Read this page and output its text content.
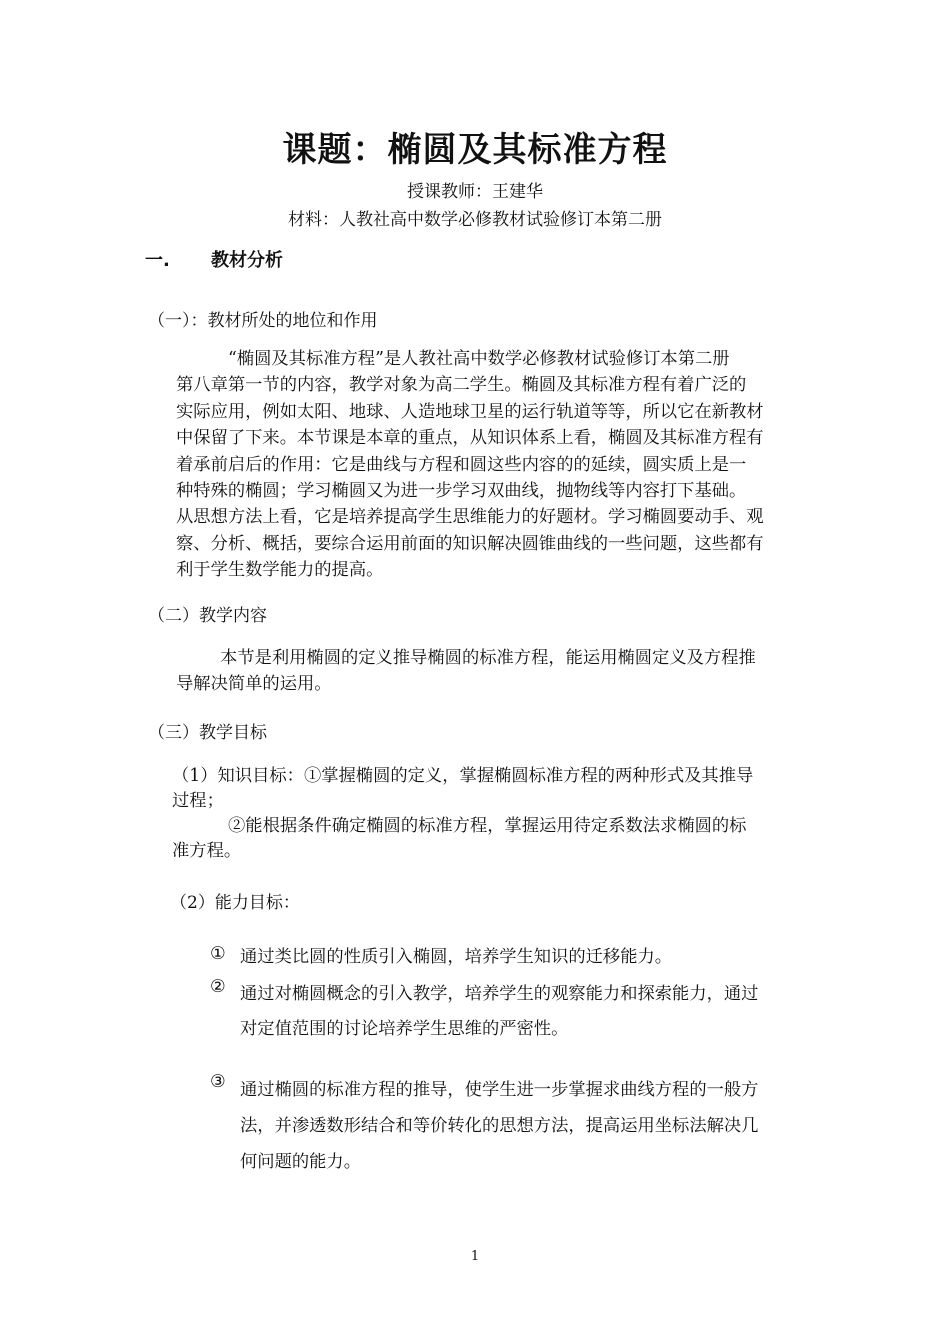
课题：椭圆及其标准方程
授课教师：王建华
材料：人教社高中数学必修教材试验修订本第二册
一. 教材分析
（一）：教材所处的地位和作用
“椭圆及其标准方程”是人教社高中数学必修教材试验修订本第二册
第八章第一节的内容，教学对象为高二学生。椭圆及其标准方程有着广泛的
实际应用，例如太阳、地球、人造地球卫星的运行轨道等等，所以它在新教材
中保留了下来。本节课是本章的重点，从知识体系上看，椭圆及其标准方程有
着承前启后的作用：它是曲线与方程和圆这些内容的的延续，圆实质上是一
种特殊的椭圆；学习椭圆又为进一步学习双曲线，抛物线等内容打下基础。
从思想方法上看，它是培养提高学生思维能力的好题材。学习椭圆要动手、观
察、分析、概括，要综合运用前面的知识解决圆锥曲线的一些问题，这些都有
利于学生数学能力的提高。
（二）教学内容
本节是利用椭圆的定义推导椭圆的标准方程，能运用椭圆定义及方程推
导解决简单的运用。
（三）教学目标
（1）知识目标：①掌握椭圆的定义，掌握椭圆标准方程的两种形式及其推导
过程；
②能根据条件确定椭圆的标准方程，掌握运用待定系数法求椭圆的标
准方程。
（2）能力目标：
① 通过类比圆的性质引入椭圆，培养学生知识的迁移能力。
② 通过对椭圆概念的引入教学，培养学生的观察能力和探索能力，通过
对定值范围的讨论培养学生思维的严密性。
③ 通过椭圆的标准方程的推导，使学生进一步掌握求曲线方程的一般方
法，并渗透数形结合和等价转化的思想方法，提高运用坐标法解决几
何问题的能力。
1
